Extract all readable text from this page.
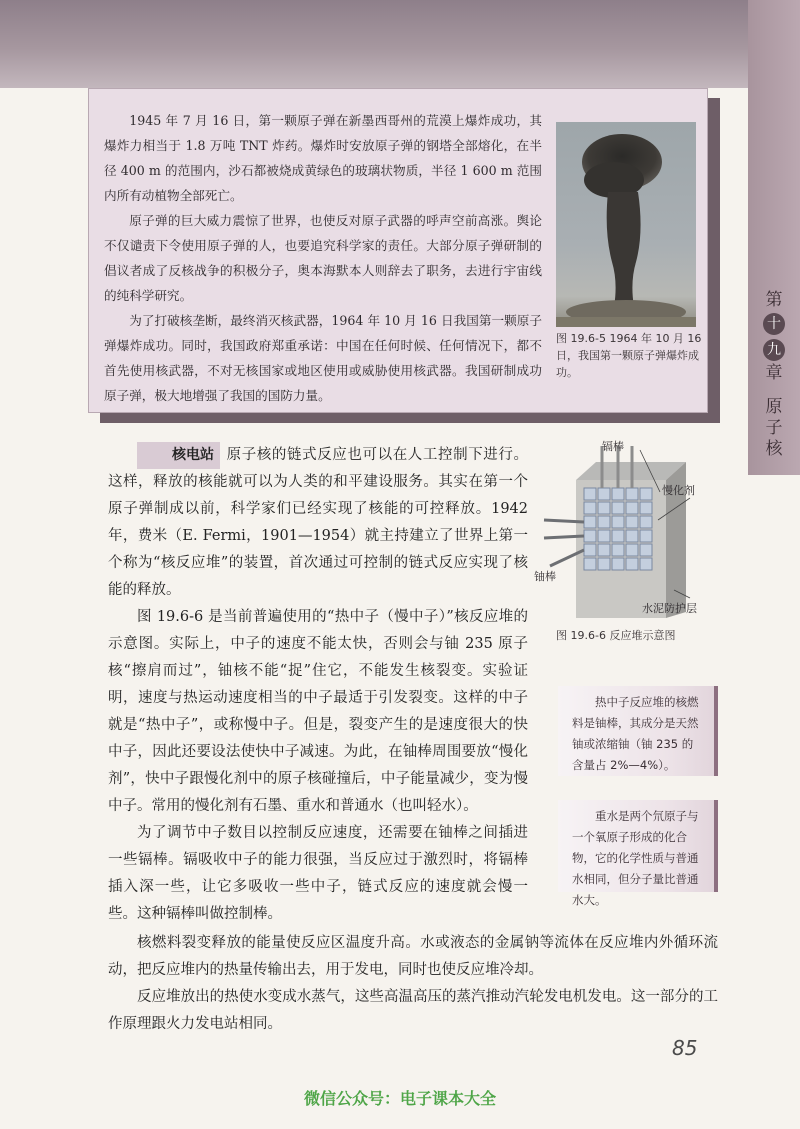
第
十
九
章
原
子
核

1945 年 7 月 16 日，第一颗原子弹在新墨西哥州的荒漠上爆炸成功，其爆炸力相当于 1.8 万吨 TNT 炸药。爆炸时安放原子弹的钢塔全部熔化，在半径 400 m 的范围内，沙石都被烧成黄绿色的玻璃状物质，半径 1 600 m 范围内所有动植物全部死亡。

原子弹的巨大威力震惊了世界，也使反对原子武器的呼声空前高涨。舆论不仅谴责下令使用原子弹的人，也要追究科学家的责任。大部分原子弹研制的倡议者成了反核战争的积极分子，奥本海默本人则辞去了职务，去进行宇宙线的纯科学研究。

为了打破核垄断，最终消灭核武器，1964 年 10 月 16 日我国第一颗原子弹爆炸成功。同时，我国政府郑重承诺：中国在任何时候、任何情况下，都不首先使用核武器，不对无核国家或地区使用或威胁使用核武器。我国研制成功原子弹，极大地增强了我国的国防力量。

图 19.6-5 1964 年 10 月 16 日，我国第一颗原子弹爆炸成功。
镉棒
慢化剂
铀棒
水泥防护层
图 19.6-6 反应堆示意图

核电站 原子核的链式反应也可以在人工控制下进行。这样，释放的核能就可以为人类的和平建设服务。其实在第一个原子弹制成以前，科学家们已经实现了核能的可控释放。1942 年，费米（E. Fermi，1901—1954）就主持建立了世界上第一个称为“核反应堆”的装置，首次通过可控制的链式反应实现了核能的释放。

图 19.6-6 是当前普遍使用的“热中子（慢中子）”核反应堆的示意图。实际上，中子的速度不能太快，否则会与铀 235 原子核“擦肩而过”，铀核不能“捉”住它，不能发生核裂变。实验证明，速度与热运动速度相当的中子最适于引发裂变。这样的中子就是“热中子”，或称慢中子。但是，裂变产生的是速度很大的快中子，因此还要设法使快中子减速。为此，在铀棒周围要放“慢化剂”，快中子跟慢化剂中的原子核碰撞后，中子能量减少，变为慢中子。常用的慢化剂有石墨、重水和普通水（也叫轻水）。

为了调节中子数目以控制反应速度，还需要在铀棒之间插进一些镉棒。镉吸收中子的能力很强，当反应过于激烈时，将镉棒插入深一些，让它多吸收一些中子，链式反应的速度就会慢一些。这种镉棒叫做控制棒。

核燃料裂变释放的能量使反应区温度升高。水或液态的金属钠等流体在反应堆内外循环流动，把反应堆内的热量传输出去，用于发电，同时也使反应堆冷却。

反应堆放出的热使水变成水蒸气，这些高温高压的蒸汽推动汽轮发电机发电。这一部分的工作原理跟火力发电站相同。

热中子反应堆的核燃料是铀棒，其成分是天然铀或浓缩铀（铀 235 的含量占 2%—4%）。

重水是两个氘原子与一个氧原子形成的化合物，它的化学性质与普通水相同，但分子量比普通水大。

85
微信公众号：电子课本大全
